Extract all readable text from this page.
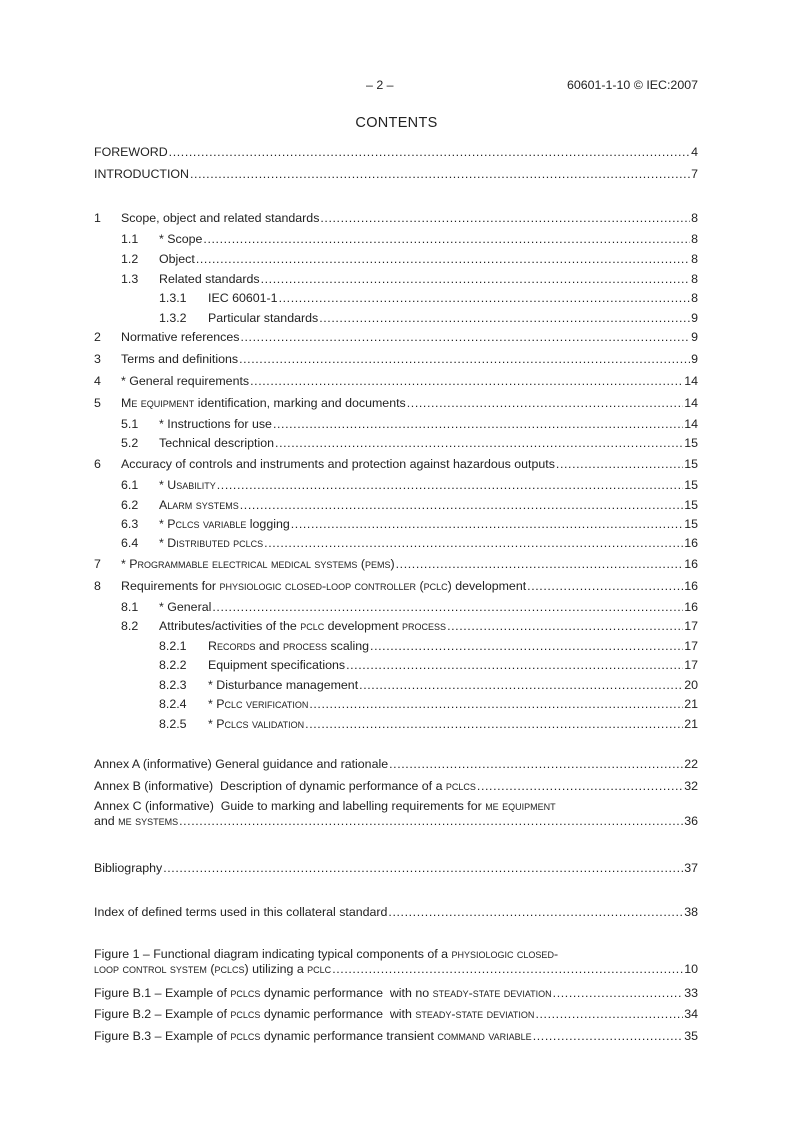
– 2 –	60601-1-10 © IEC:2007
CONTENTS
FOREWORD .....	4
INTRODUCTION .....	7
1	Scope, object and related standards .....	8
1.1	* Scope .....	8
1.2	Object .....	8
1.3	Related standards .....	8
1.3.1	IEC 60601-1 .....	8
1.3.2	Particular standards .....	9
2	Normative references .....	9
3	Terms and definitions .....	9
4	* General requirements .....	14
5	Me equipment identification, marking and documents .....	14
5.1	* Instructions for use .....	14
5.2	Technical description .....	15
6	Accuracy of controls and instruments and protection against hazardous outputs .....	15
6.1	* Usability .....	15
6.2	Alarm systems .....	15
6.3	* Pclcs variable logging .....	15
6.4	* Distributed pclcs .....	16
7	* Programmable electrical medical systems (pems) .....	16
8	Requirements for physiologic closed-loop controller (pclc) development .....	16
8.1	* General .....	16
8.2	Attributes/activities of the pclc development process .....	17
8.2.1	Records and process scaling .....	17
8.2.2	Equipment specifications .....	17
8.2.3	* Disturbance management .....	20
8.2.4	* Pclc verification .....	21
8.2.5	* Pclcs validation .....	21
Annex A (informative) General guidance and rationale .....	22
Annex B (informative)  Description of dynamic performance of a pclcs .....	32
Annex C (informative)  Guide to marking and labelling requirements for me equipment
and me systems .....	36
Bibliography .....	37
Index of defined terms used in this collateral standard .....	38
Figure 1 – Functional diagram indicating typical components of a physiologic closed-
loop control system (pclcs) utilizing a pclc .....	10
Figure B.1 – Example of pclcs dynamic performance  with no steady-state deviation .....	33
Figure B.2 – Example of pclcs dynamic performance  with steady-state deviation .....	34
Figure B.3 – Example of pclcs dynamic performance transient command variable .....	35
